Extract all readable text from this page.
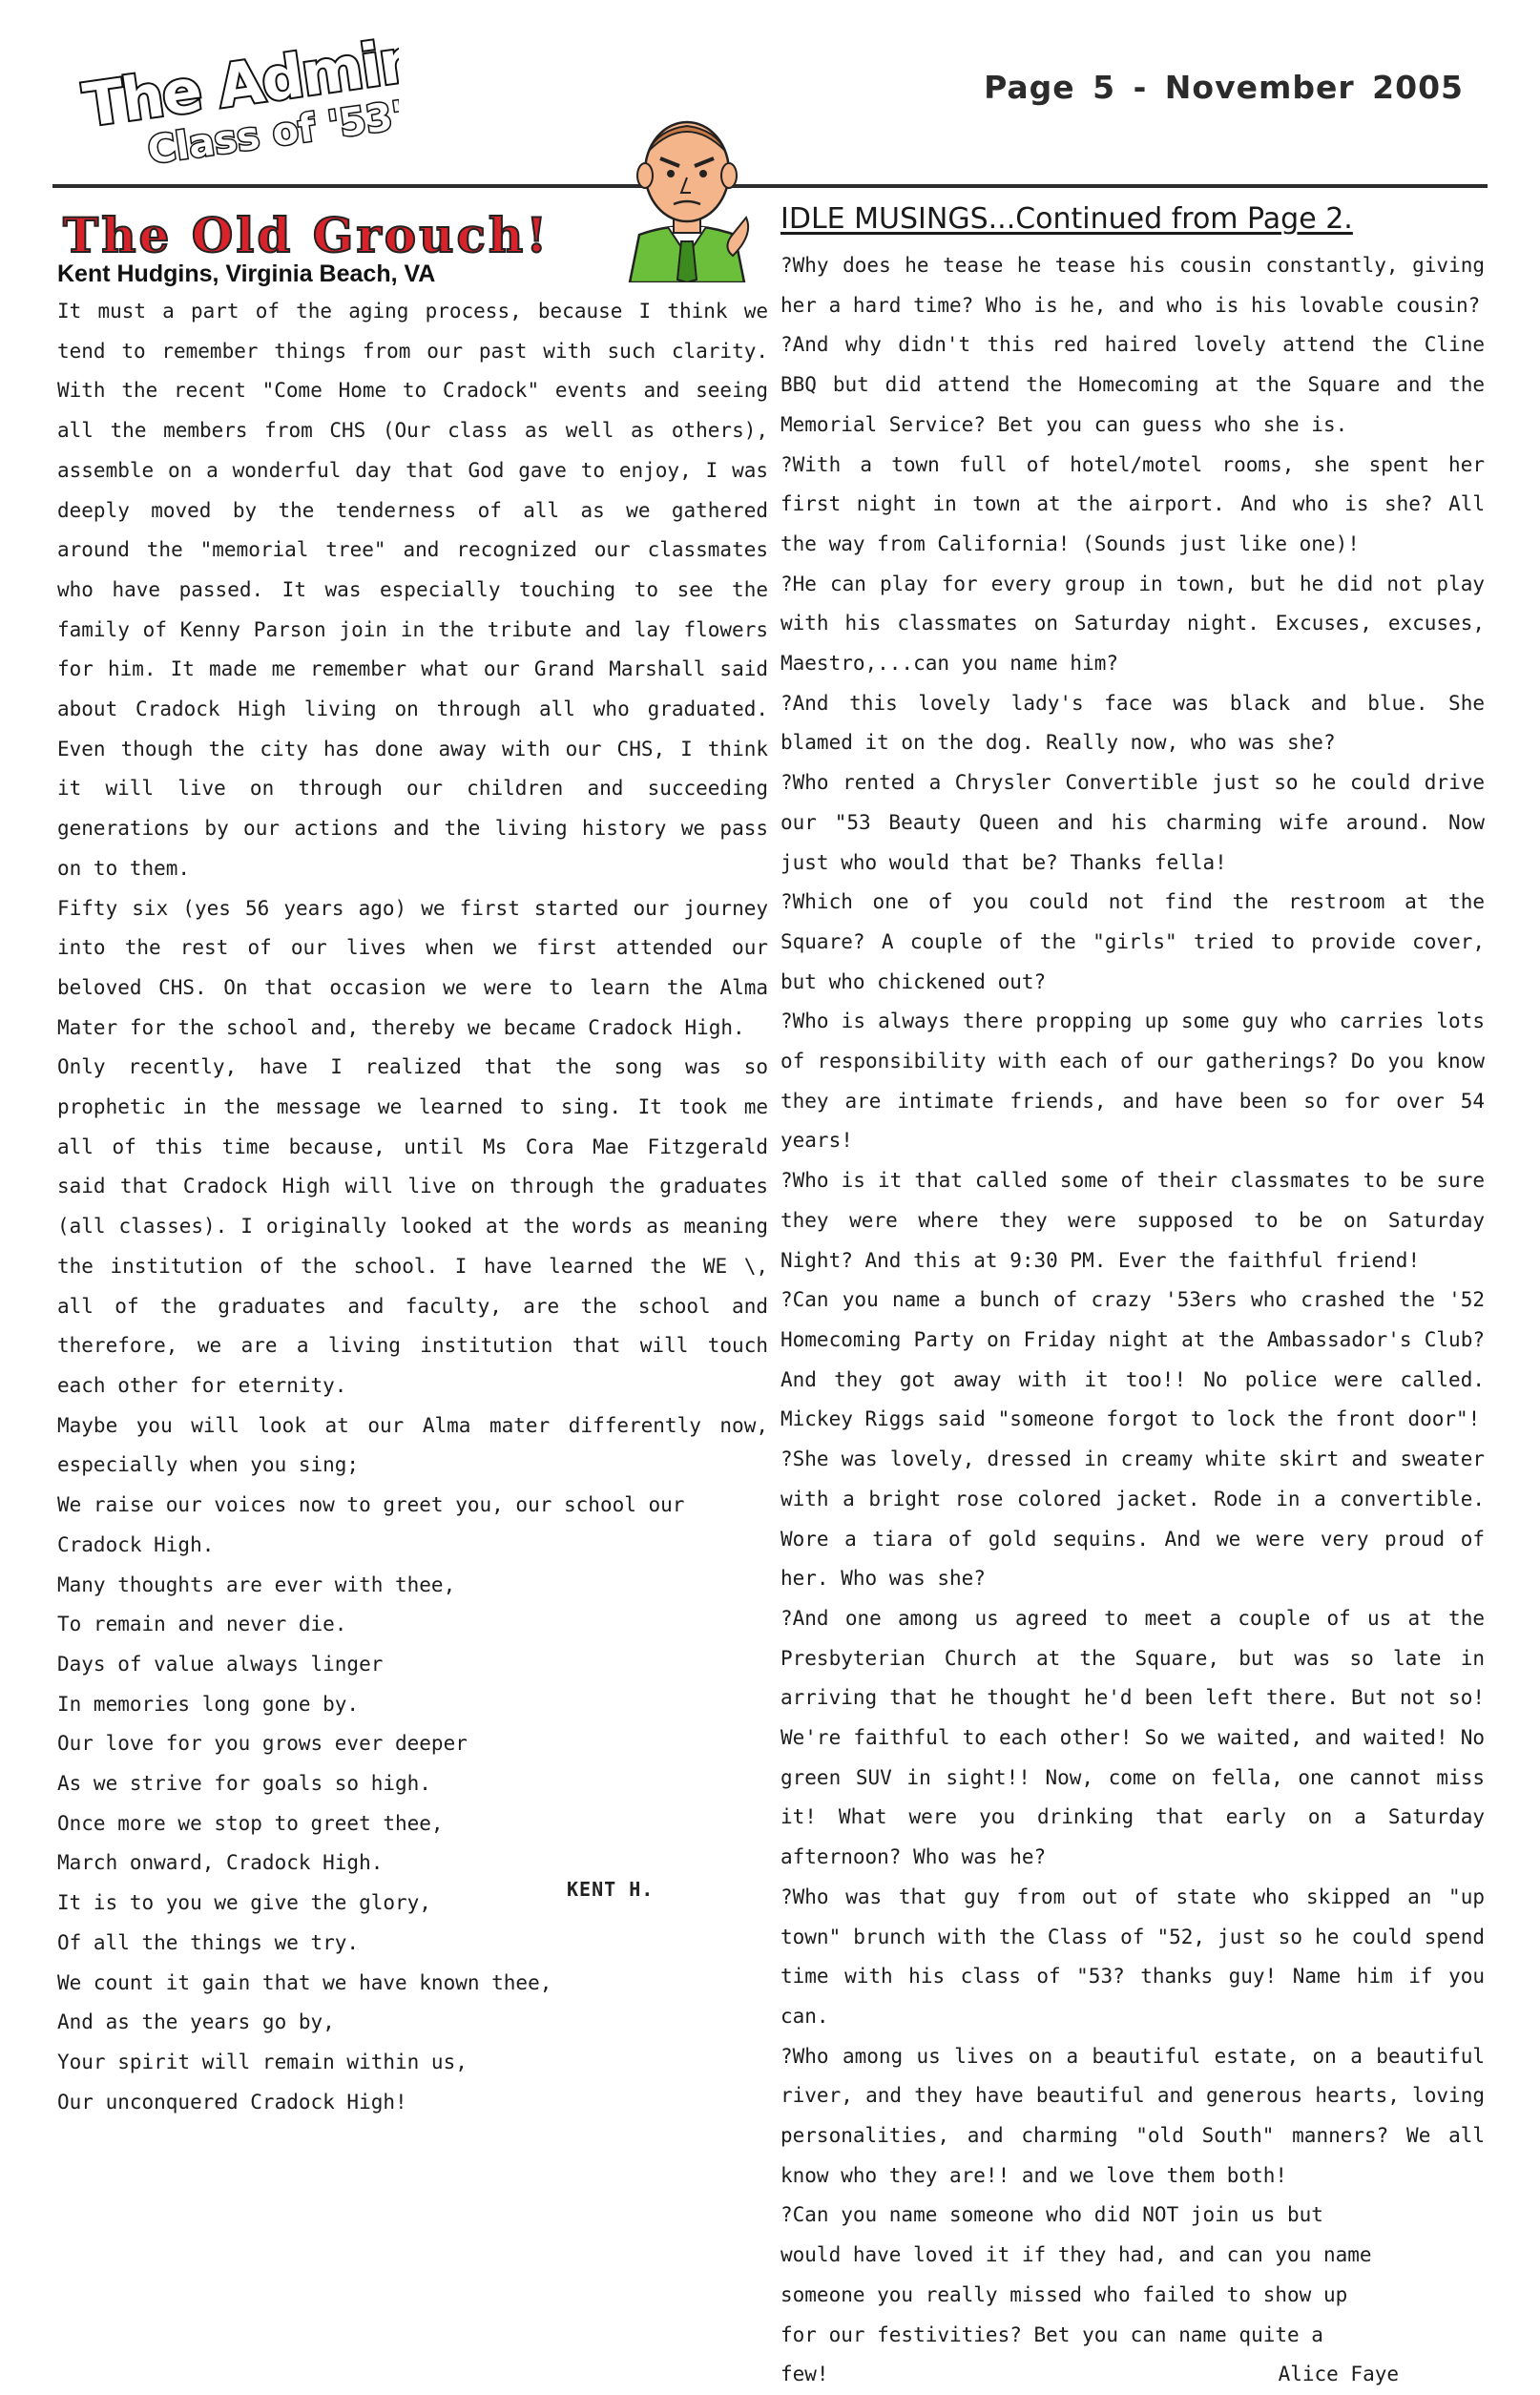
The Admiral
Class of '53'
Page 5 - November 2005
The Old Grouch!
Kent Hudgins, Virginia Beach, VA

It must a part of the aging process, because I think we tend to remember things from our past with such clarity. With the recent "Come Home to Cradock" events and seeing all the members from CHS (Our class as well as others), assemble on a wonderful day that God gave to enjoy, I was deeply moved by the tenderness of all as we gathered around the "memorial tree" and recognized our classmates who have passed. It was especially touching to see the family of Kenny Parson join in the tribute and lay flowers for him. It made me remember what our Grand Marshall said about Cradock High living on through all who graduated. Even though the city has done away with our CHS, I think it will live on through our children and succeeding generations by our actions and the living history we pass on to them.

Fifty six (yes 56 years ago) we first started our journey into the rest of our lives when we first attended our beloved CHS. On that occasion we were to learn the Alma Mater for the school and, thereby we became Cradock High.

Only recently, have I realized that the song was so prophetic in the message we learned to sing. It took me all of this time because, until Ms Cora Mae Fitzgerald said that Cradock High will live on through the graduates (all classes). I originally looked at the words as meaning the institution of the school. I have learned the WE \, all of the graduates and faculty, are the school and therefore, we are a living institution that will touch each other for eternity.

Maybe you will look at our Alma mater differently now, especially when you sing;

We raise our voices now to greet you, our school our Cradock High.
Many thoughts are ever with thee,
To remain and never die.
Days of value always linger
In memories long gone by.
Our love for you grows ever deeper
As we strive for goals so high.
Once more we stop to greet thee,
March onward, Cradock High.
It is to you we give the glory,
Of all the things we try.
We count it gain that we have known thee,
And as the years go by,
Your spirit will remain within us,
Our unconquered Cradock High!
KENT H.
IDLE MUSINGS...Continued from Page 2.

?Why does he tease he tease his cousin constantly, giving her a hard time? Who is he, and who is his lovable cousin?

?And why didn't this red haired lovely attend the Cline BBQ but did attend the Homecoming at the Square and the Memorial Service? Bet you can guess who she is.

?With a town full of hotel/motel rooms, she spent her first night in town at the airport. And who is she? All the way from California! (Sounds just like one)!

?He can play for every group in town, but he did not play with his classmates on Saturday night. Excuses, excuses, Maestro,...can you name him?

?And this lovely lady's face was black and blue. She blamed it on the dog. Really now, who was she?

?Who rented a Chrysler Convertible just so he could drive our "53 Beauty Queen and his charming wife around. Now just who would that be? Thanks fella!

?Which one of you could not find the restroom at the Square? A couple of the "girls" tried to provide cover, but who chickened out?

?Who is always there propping up some guy who carries lots of responsibility with each of our gatherings? Do you know they are intimate friends, and have been so for over 54 years!

?Who is it that called some of their classmates to be sure they were where they were supposed to be on Saturday Night? And this at 9:30 PM. Ever the faithful friend!

?Can you name a bunch of crazy '53ers who crashed the '52 Homecoming Party on Friday night at the Ambassador's Club? And they got away with it too!! No police were called. Mickey Riggs said "someone forgot to lock the front door"!

?She was lovely, dressed in creamy white skirt and sweater with a bright rose colored jacket. Rode in a convertible. Wore a tiara of gold sequins. And we were very proud of her. Who was she?

?And one among us agreed to meet a couple of us at the Presbyterian Church at the Square, but was so late in arriving that he thought he'd been left there. But not so! We're faithful to each other! So we waited, and waited! No green SUV in sight!! Now, come on fella, one cannot miss it! What were you drinking that early on a Saturday afternoon? Who was he?

?Who was that guy from out of state who skipped an "up town" brunch with the Class of "52, just so he could spend time with his class of "53? thanks guy! Name him if you can.

?Who among us lives on a beautiful estate, on a beautiful river, and they have beautiful and generous hearts, loving personalities, and charming "old South" manners? We all know who they are!! and we love them both!

?Can you name someone who did NOT join us but would have loved it if they had, and can you name someone you really missed who failed to show up for our festivities? Bet you can name quite a few!	Alice Faye
